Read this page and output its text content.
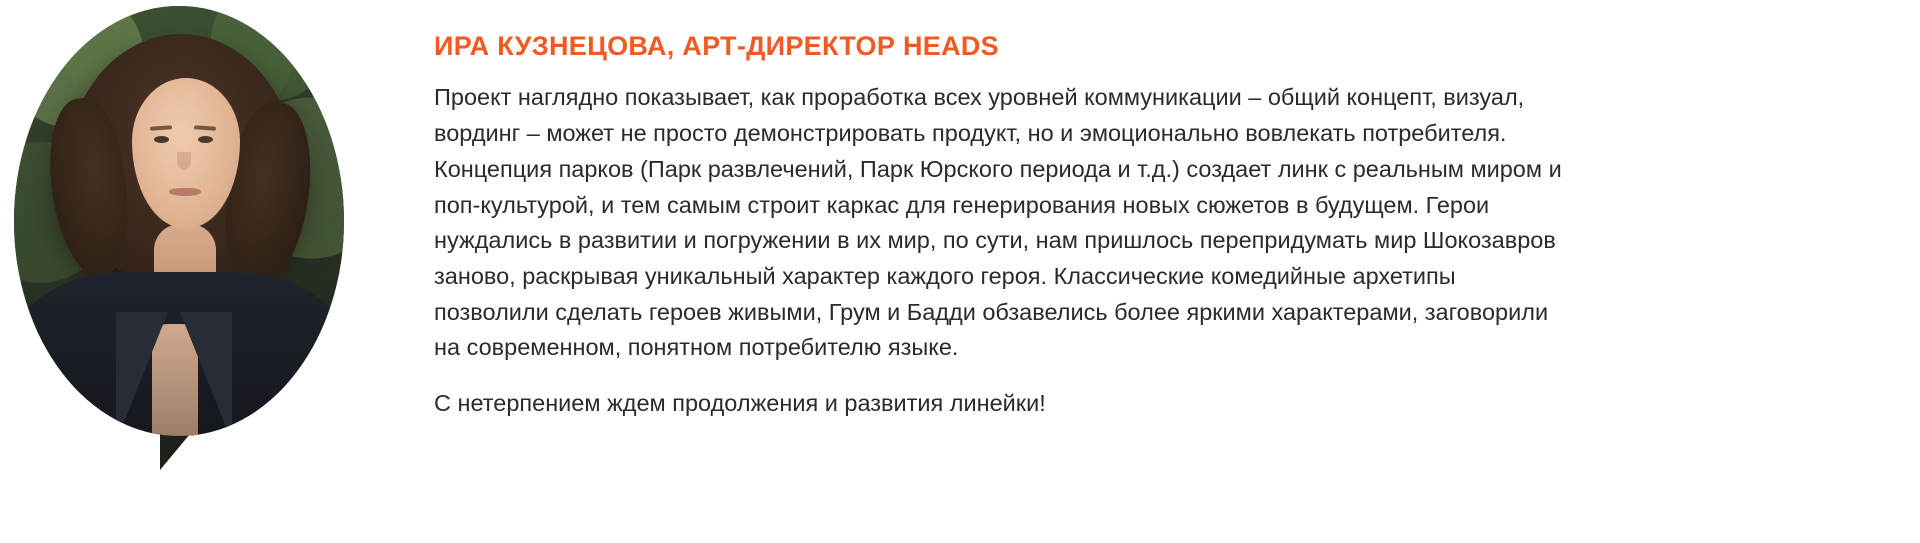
ИРА КУЗНЕЦОВА, АРТ-ДИРЕКТОР HEADS

Проект наглядно показывает, как проработка всех уровней коммуникации – общий концепт, визуал, вординг – может не просто демонстрировать продукт, но и эмоционально вовлекать потребителя. Концепция парков (Парк развлечений, Парк Юрского периода и т.д.) создает линк с реальным миром и поп-культурой, и тем самым строит каркас для генерирования новых сюжетов в будущем. Герои нуждались в развитии и погружении в их мир, по сути, нам пришлось перепридумать мир Шокозавров заново, раскрывая уникальный характер каждого героя. Классические комедийные архетипы позволили сделать героев живыми, Грум и Бадди обзавелись более яркими характерами, заговорили на современном, понятном потребителю языке.

С нетерпением ждем продолжения и развития линейки!
